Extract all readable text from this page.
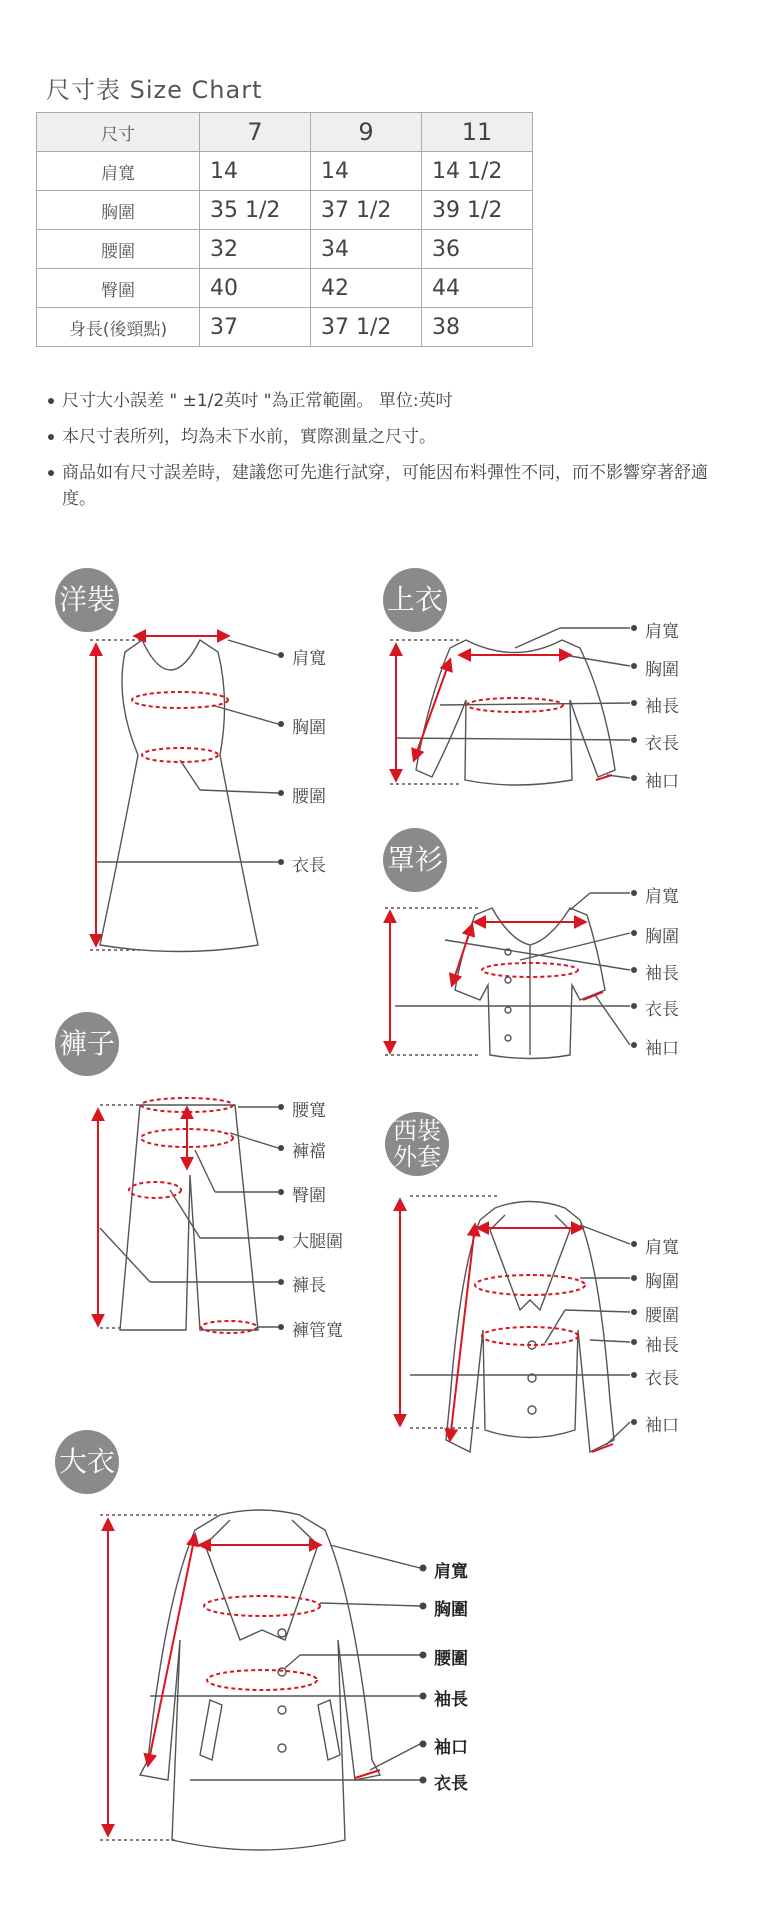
尺寸表 Size Chart
尺寸	7	9	11
肩寬	14	14	14 1/2
胸圍	35 1/2	37 1/2	39 1/2
腰圍	32	34	36
臀圍	40	42	44
身長(後頸點)	37	37 1/2	38
尺寸大小誤差 " ±1/2英吋 "為正常範圍。 單位:英吋
本尺寸表所列，均為未下水前，實際測量之尺寸。
商品如有尺寸誤差時，建議您可先進行試穿，可能因布料彈性不同，而不影響穿著舒適度。
洋裝	上衣
罩衫
褲子
西裝
外套
大衣
肩寬
胸圍
腰圍
衣長
肩寬
胸圍
袖長
衣長
袖口
肩寬
胸圍
袖長
衣長
袖口
腰寬
褲襠
臀圍
大腿圍
褲長
褲管寬
肩寬
胸圍
腰圍
袖長
衣長
袖口
肩寬
胸圍
腰圍
袖長
袖口
衣長
